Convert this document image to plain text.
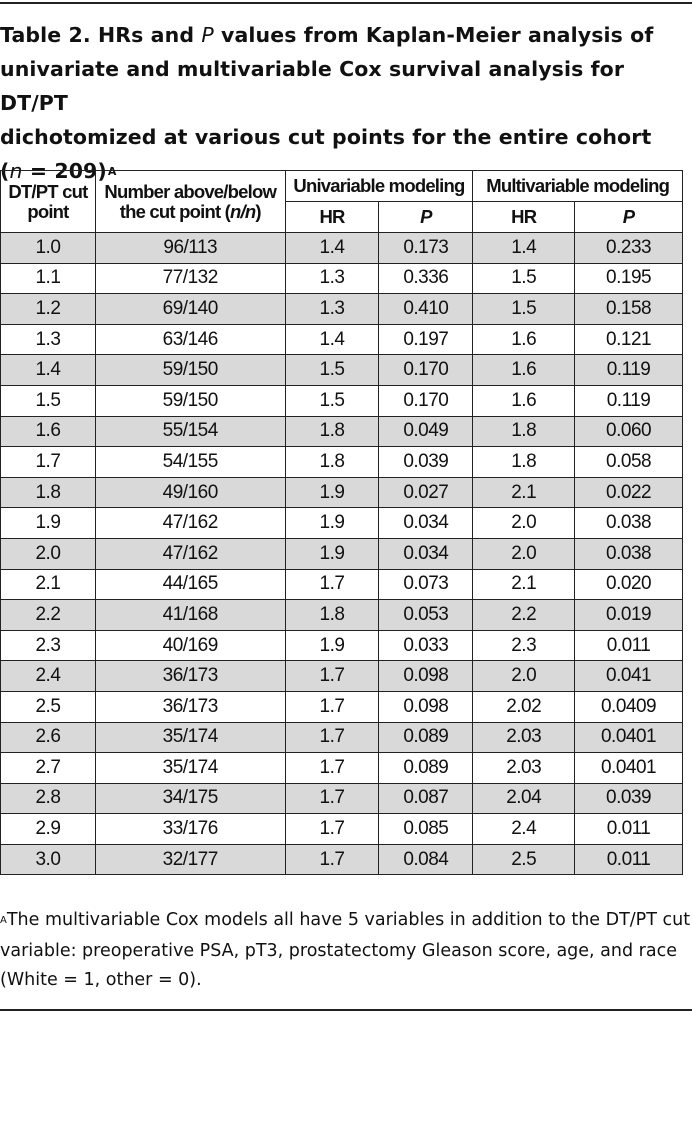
Table 2. HRs and P values from Kaplan-Meier analysis of
univariate and multivariable Cox survival analysis for DT/PT
dichotomized at various cut points for the entire cohort
(n = 209)$^A$
DT/PT cut point	Number above/below
the cut point (n/n)	Univariable modeling		Multivariable modeling	
		HR	P	HR	P
1.0	96/113	1.4	0.173	1.4	0.233
1.1	77/132	1.3	0.336	1.5	0.195
1.2	69/140	1.3	0.410	1.5	0.158
1.3	63/146	1.4	0.197	1.6	0.121
1.4	59/150	1.5	0.170	1.6	0.119
1.5	59/150	1.5	0.170	1.6	0.119
1.6	55/154	1.8	0.049	1.8	0.060
1.7	54/155	1.8	0.039	1.8	0.058
1.8	49/160	1.9	0.027	2.1	0.022
1.9	47/162	1.9	0.034	2.0	0.038
2.0	47/162	1.9	0.034	2.0	0.038
2.1	44/165	1.7	0.073	2.1	0.020
2.2	41/168	1.8	0.053	2.2	0.019
2.3	40/169	1.9	0.033	2.3	0.011
2.4	36/173	1.7	0.098	2.0	0.041
2.5	36/173	1.7	0.098	2.02	0.0409
2.6	35/174	1.7	0.089	2.03	0.0401
2.7	35/174	1.7	0.089	2.03	0.0401
2.8	34/175	1.7	0.087	2.04	0.039
2.9	33/176	1.7	0.085	2.4	0.011
3.0	32/177	1.7	0.084	2.5	0.011
$^A$The multivariable Cox models all have 5 variables in addition to the DT/PT cut variable: preoperative PSA, pT3, prostatectomy Gleason score, age, and race (White = 1, other = 0).
